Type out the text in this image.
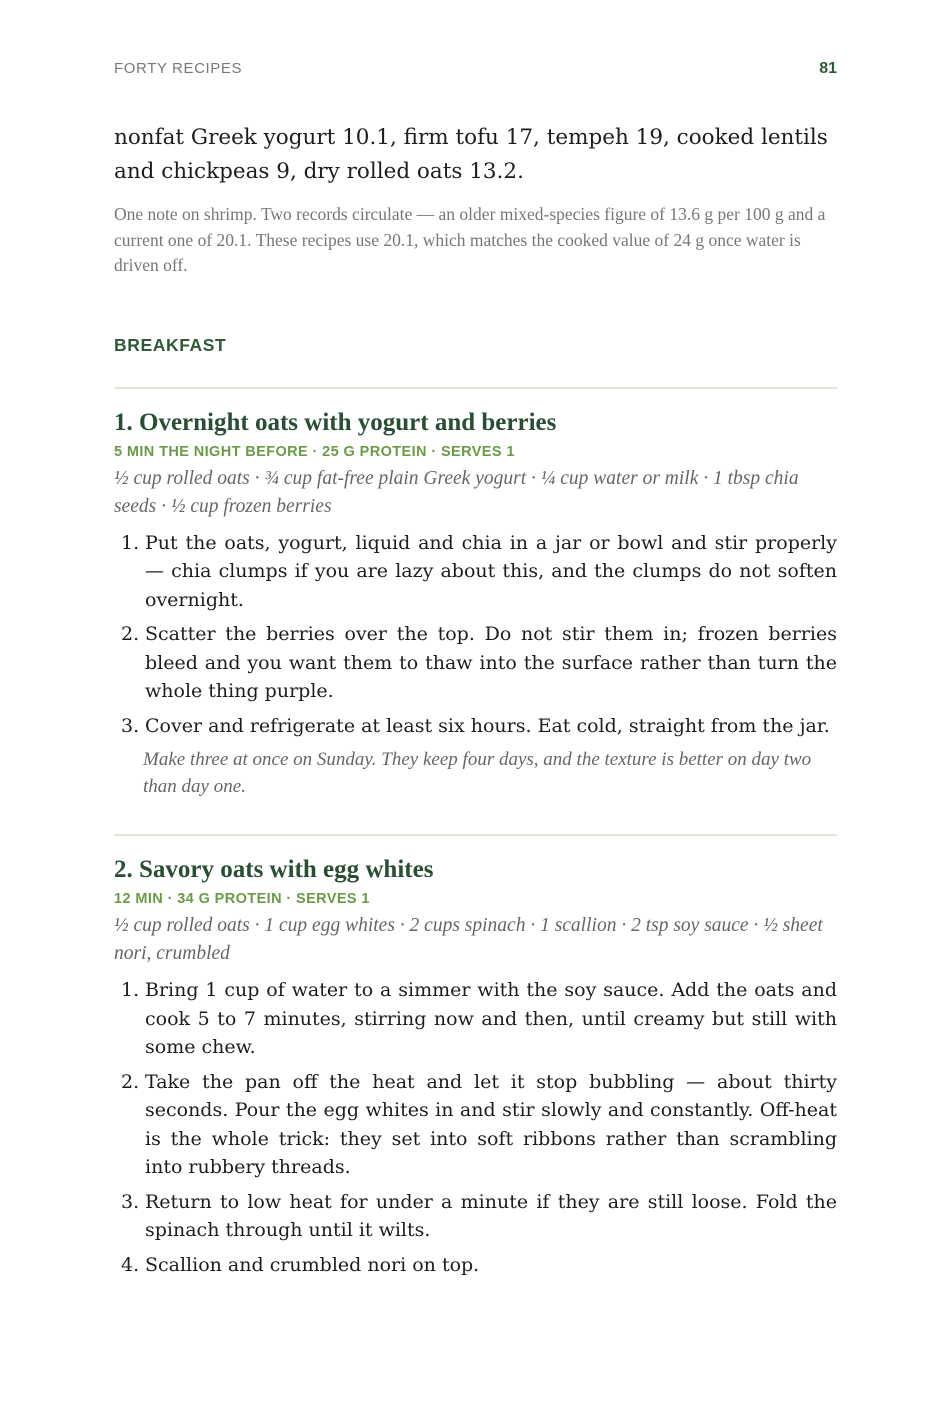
FORTY RECIPES	81

nonfat Greek yogurt 10.1, firm tofu 17, tempeh 19, cooked lentils and chickpeas 9, dry rolled oats 13.2.

One note on shrimp. Two records circulate — an older mixed-species figure of 13.6 g per 100 g and a current one of 20.1. These recipes use 20.1, which matches the cooked value of 24 g once water is driven off.

BREAKFAST
1. Overnight oats with yogurt and berries
5 MIN THE NIGHT BEFORE · 25 G PROTEIN · SERVES 1
½ cup rolled oats · ¾ cup fat-free plain Greek yogurt · ¼ cup water or milk · 1 tbsp chia seeds · ½ cup frozen berries
1. Put the oats, yogurt, liquid and chia in a jar or bowl and stir properly — chia clumps if you are lazy about this, and the clumps do not soften overnight.
2. Scatter the berries over the top. Do not stir them in; frozen berries bleed and you want them to thaw into the surface rather than turn the whole thing purple.
3. Cover and refrigerate at least six hours. Eat cold, straight from the jar.
Make three at once on Sunday. They keep four days, and the texture is better on day two than day one.
2. Savory oats with egg whites
12 MIN · 34 G PROTEIN · SERVES 1
½ cup rolled oats · 1 cup egg whites · 2 cups spinach · 1 scallion · 2 tsp soy sauce · ½ sheet nori, crumbled
1. Bring 1 cup of water to a simmer with the soy sauce. Add the oats and cook 5 to 7 minutes, stirring now and then, until creamy but still with some chew.
2. Take the pan off the heat and let it stop bubbling — about thirty seconds. Pour the egg whites in and stir slowly and constantly. Off-heat is the whole trick: they set into soft ribbons rather than scrambling into rubbery threads.
3. Return to low heat for under a minute if they are still loose. Fold the spinach through until it wilts.
4. Scallion and crumbled nori on top.
